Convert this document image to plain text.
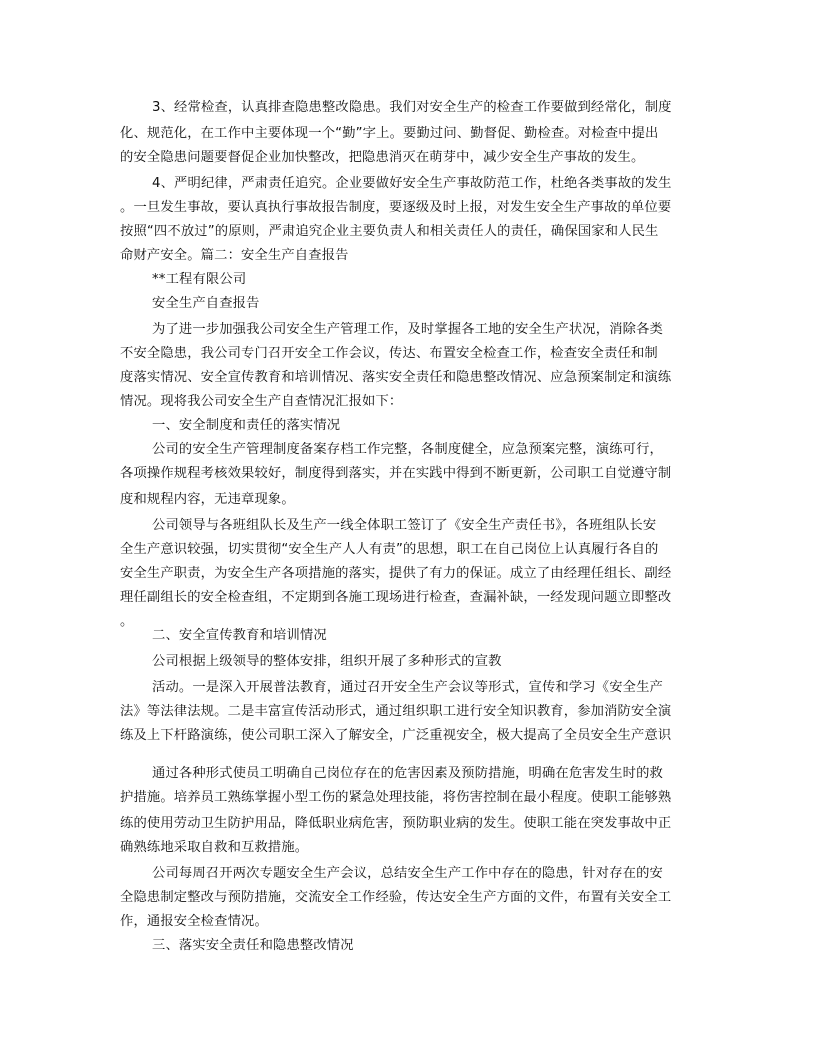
3、经常检查，认真排查隐患整改隐患。我们对安全生产的检查工作要做到经常化，制度
化、规范化，在工作中主要体现一个“勤”字上。要勤过问、勤督促、勤检查。对检查中提出
的安全隐患问题要督促企业加快整改，把隐患消灭在萌芽中，减少安全生产事故的发生。
4、严明纪律，严肃责任追究。企业要做好安全生产事故防范工作，杜绝各类事故的发生
。一旦发生事故，要认真执行事故报告制度，要逐级及时上报，对发生安全生产事故的单位要
按照“四不放过”的原则，严肃追究企业主要负责人和相关责任人的责任，确保国家和人民生
命财产安全。篇二：安全生产自查报告
**工程有限公司
安全生产自查报告
为了进一步加强我公司安全生产管理工作，及时掌握各工地的安全生产状况，消除各类
不安全隐患，我公司专门召开安全工作会议，传达、布置安全检查工作，检查安全责任和制
度落实情况、安全宣传教育和培训情况、落实安全责任和隐患整改情况、应急预案制定和演练
情况。现将我公司安全生产自查情况汇报如下：
一、安全制度和责任的落实情况
公司的安全生产管理制度备案存档工作完整，各制度健全，应急预案完整，演练可行，
各项操作规程考核效果较好，制度得到落实，并在实践中得到不断更新，公司职工自觉遵守制
度和规程内容，无违章现象。
公司领导与各班组队长及生产一线全体职工签订了《安全生产责任书》，各班组队长安
全生产意识较强，切实贯彻“安全生产人人有责”的思想，职工在自己岗位上认真履行各自的
安全生产职责，为安全生产各项措施的落实，提供了有力的保证。成立了由经理任组长、副经
理任副组长的安全检查组，不定期到各施工现场进行检查，查漏补缺，一经发现问题立即整改
。
二、安全宣传教育和培训情况
公司根据上级领导的整体安排，组织开展了多种形式的宣教
活动。一是深入开展普法教育，通过召开安全生产会议等形式，宣传和学习《安全生产
法》等法律法规。二是丰富宣传活动形式，通过组织职工进行安全知识教育，参加消防安全演
练及上下杆路演练，使公司职工深入了解安全，广泛重视安全，极大提高了全员安全生产意识
通过各种形式使员工明确自己岗位存在的危害因素及预防措施，明确在危害发生时的救
护措施。培养员工熟练掌握小型工伤的紧急处理技能，将伤害控制在最小程度。使职工能够熟
练的使用劳动卫生防护用品，降低职业病危害，预防职业病的发生。使职工能在突发事故中正
确熟练地采取自救和互救措施。
公司每周召开两次专题安全生产会议，总结安全生产工作中存在的隐患，针对存在的安
全隐患制定整改与预防措施，交流安全工作经验，传达安全生产方面的文件，布置有关安全工
作，通报安全检查情况。
三、落实安全责任和隐患整改情况
